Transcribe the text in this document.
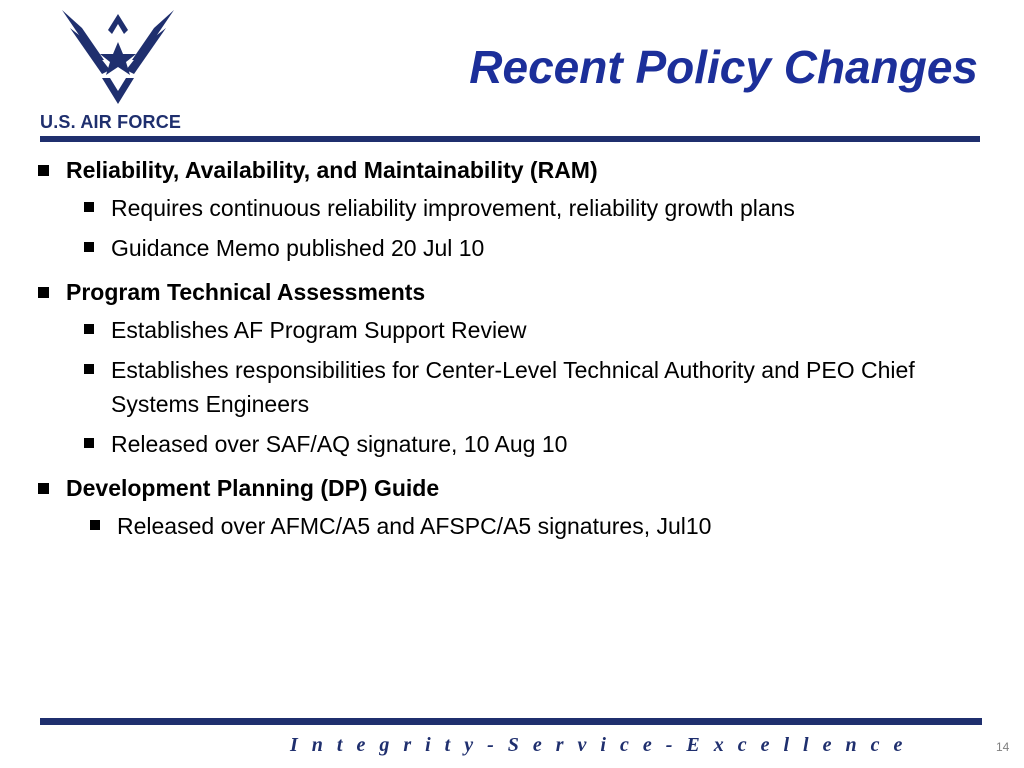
U.S. AIR FORCE
Recent Policy Changes
Reliability, Availability, and Maintainability (RAM)
Requires continuous reliability improvement, reliability growth plans
Guidance Memo published 20 Jul 10
Program Technical Assessments
Establishes AF Program Support Review
Establishes responsibilities for Center-Level Technical Authority and PEO Chief Systems Engineers
Released over SAF/AQ signature, 10 Aug 10
Development Planning (DP) Guide
Released over AFMC/A5 and AFSPC/A5 signatures, Jul10
I n t e g r i t y - S e r v i c e - E x c e l l e n c e	14
